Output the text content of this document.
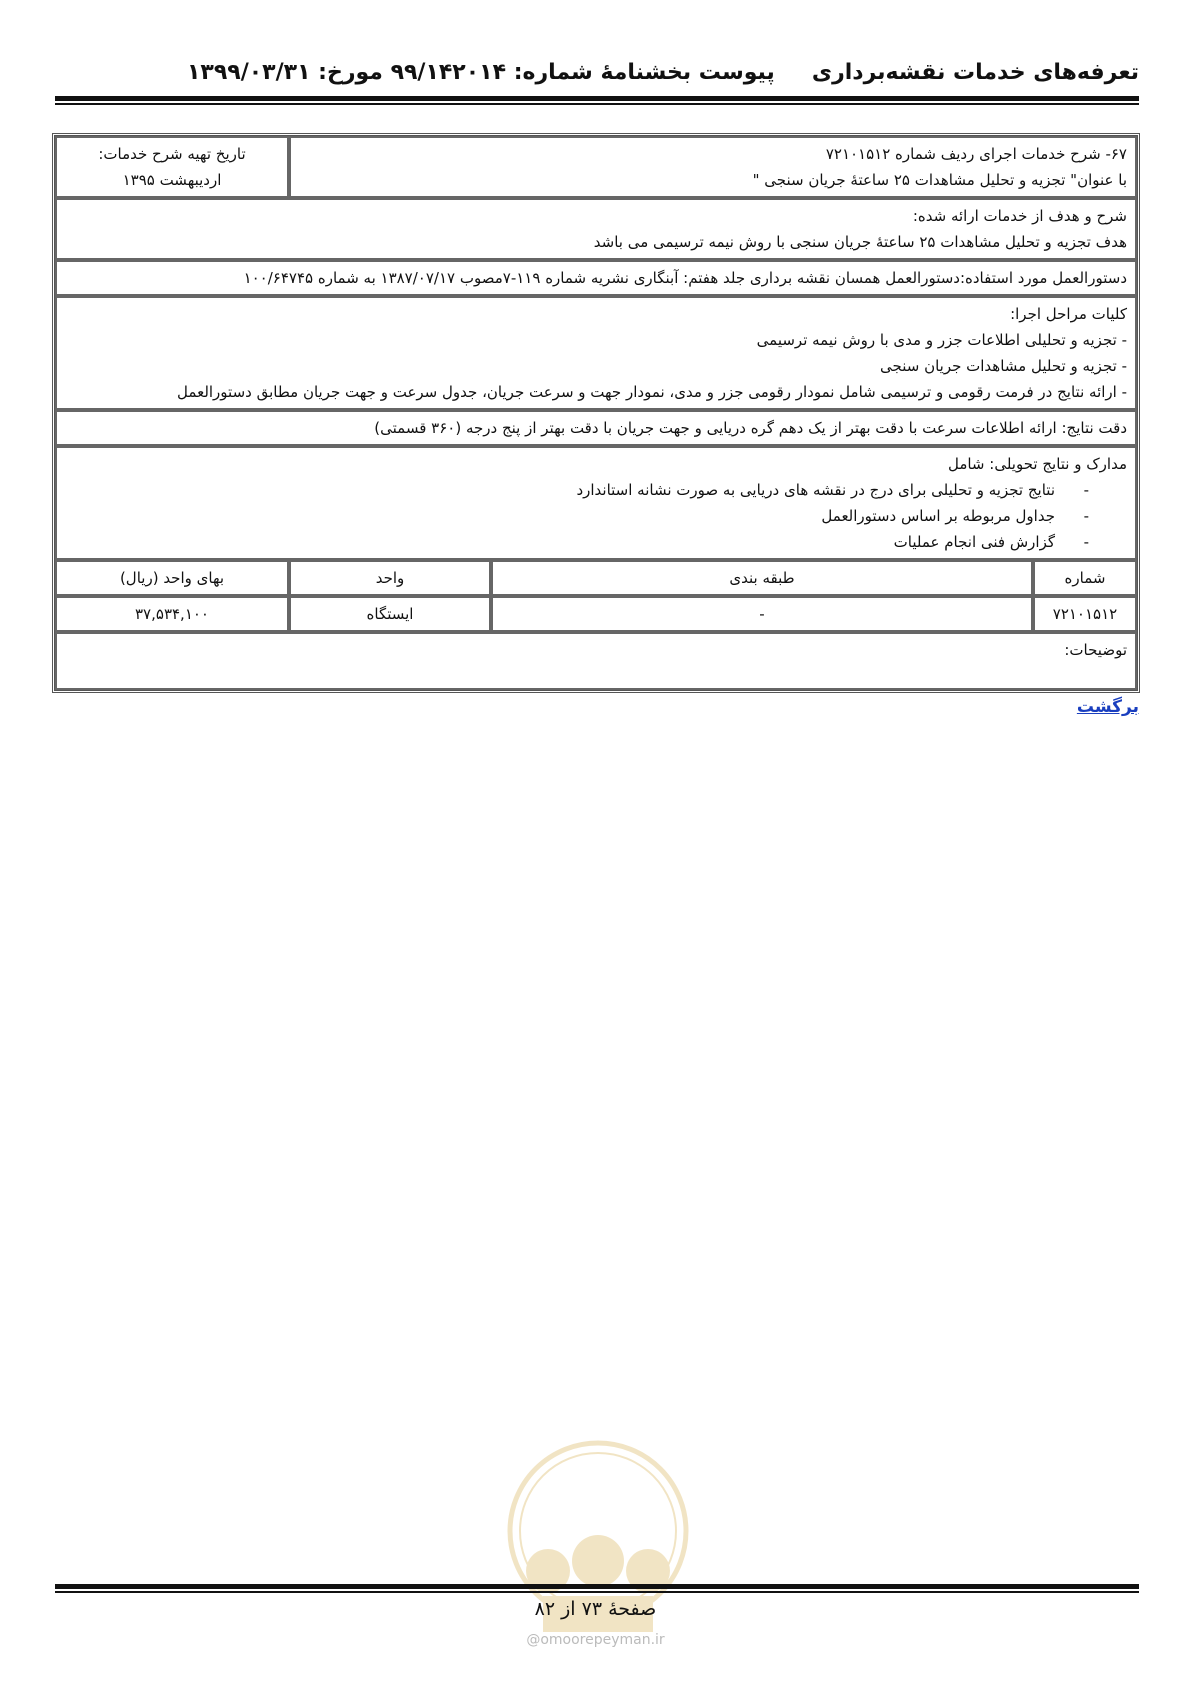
تعرفه‌های خدمات نقشه‌برداری
پیوست بخشنامۀ شماره: ۹۹/۱۴۲۰۱۴ مورخ: ۱۳۹۹/۰۳/۳۱
۶۷- شرح خدمات اجرای ردیف شماره ۷۲۱۰۱۵۱۲
با عنوان" تجزیه و تحلیل مشاهدات ۲۵ ساعتۀ جریان سنجی "			تاریخ تهیه شرح خدمات:
اردیبهشت ۱۳۹۵

شرح و هدف از خدمات ارائه شده:
هدف تجزیه و تحلیل مشاهدات ۲۵ ساعتۀ جریان سنجی با روش نیمه ترسیمی می باشد			

دستورالعمل مورد استفاده:دستورالعمل همسان نقشه برداری جلد هفتم: آبنگاری نشریه شماره ۱۱۹-۷مصوب ۱۳۸۷/۰۷/۱۷ به شماره ۱۰۰/۶۴۷۴۵			

کلیات مراحل اجرا:
- تجزیه و تحلیلی اطلاعات جزر و مدی با روش نیمه ترسیمی
- تجزیه و تحلیل مشاهدات جریان سنجی
- ارائه نتایج در فرمت رقومی و ترسیمی شامل نمودار رقومی جزر و مدی، نمودار جهت و سرعت جریان، جدول سرعت و جهت جریان مطابق دستورالعمل			

دقت نتایج: ارائه اطلاعات سرعت با دقت بهتر از یک دهم گره دریایی و جهت جریان با دقت بهتر از پنج درجه (۳۶۰ قسمتی)			

مدارک و نتایج تحویلی: شامل
-نتایج تجزیه و تحلیلی برای درج در نقشه های دریایی به صورت نشانه استاندارد
-جداول مربوطه بر اساس دستورالعمل
-گزارش فنی انجام عملیات			

شماره	طبقه بندی	واحد	بهای واحد (ریال)
۷۲۱۰۱۵۱۲	-	ایستگاه	۳۷,۵۳۴,۱۰۰

توضیحات:			
برگشت
صفحۀ ۷۳ از ۸۲
@omoorepeyman.ir
